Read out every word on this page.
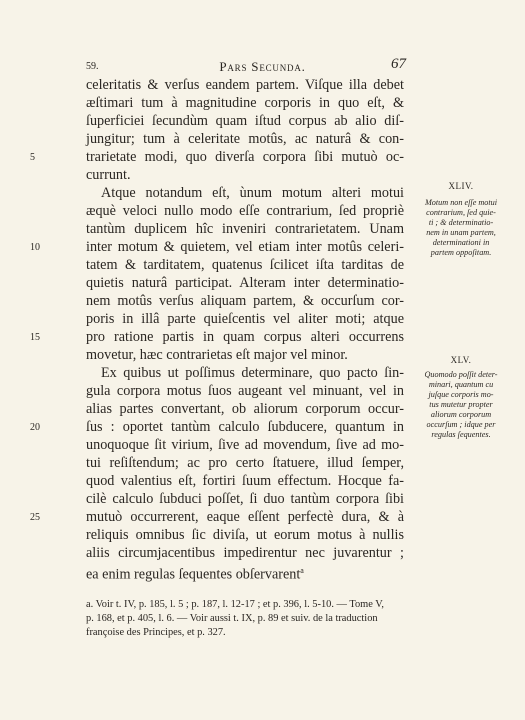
59.	Pars Secunda.	67
celeritatis & verſus eandem partem. Viſque illa debet
æſtimari tum à magnitudine corporis in quo eſt, &
ſuperficiei ſecundùm quam iſtud corpus ab alio diſ-
jungitur; tum à celeritate motûs, ac naturâ & con-
trarietate modi, quo diverſa corpora ſibi mutuò oc-
currunt.
Atque notandum eſt, ùnum motum alteri motui
æquè veloci nullo modo eſſe contrarium, ſed propriè
tantùm duplicem hîc inveniri contrarietatem. Unam
inter motum & quietem, vel etiam inter motûs celeri-
tatem & tarditatem, quatenus ſcilicet iſta tarditas de
quietis naturâ participat. Alteram inter determinatio-
nem motûs verſus aliquam partem, & occurſum cor-
poris in illâ parte quieſcentis vel aliter moti; atque
pro ratione partis in quam corpus alteri occurrens
movetur, hæc contrarietas eſt major vel minor.
Ex quibus ut poſſimus determinare, quo pacto ſin-
gula corpora motus ſuos augeant vel minuant, vel in
alias partes convertant, ob aliorum corporum occur-
ſus : oportet tantùm calculo ſubducere, quantum in
unoquoque ſit virium, ſive ad movendum, ſive ad mo-
tui reſiſtendum; ac pro certo ſtatuere, illud ſemper,
quod valentius eſt, fortiri ſuum effectum. Hocque fa-
cilè calculo ſubduci poſſet, ſi duo tantùm corpora ſibi
mutuò occurrerent, eaque eſſent perfectè dura, & à
reliquis omnibus ſic diviſa, ut eorum motus à nullis
aliis circumjacentibus impedirentur nec juvarentur ;
ea enim regulas ſequentes obſervarent$^a$
5
10
15
20
25
XLIV.
Motum non eſſe motui
contrarium, ſed quie-
ti ; & determinatio-
nem in unam partem,
determinationi in
partem oppoſitam.
XLV.
Quomodo poſſit deter-
minari, quantum cu
juſque corporis mo-
tus mutetur propter
aliorum corporum
occurſum ; idque per
regulas ſequentes.
a. Voir t. IV, p. 185, l. 5 ; p. 187, l. 12-17 ; et p. 396, l. 5-10. — Tome V,
p. 168, et p. 405, l. 6. — Voir aussi t. IX, p. 89 et suiv. de la traduction
françoise des Principes, et p. 327.
